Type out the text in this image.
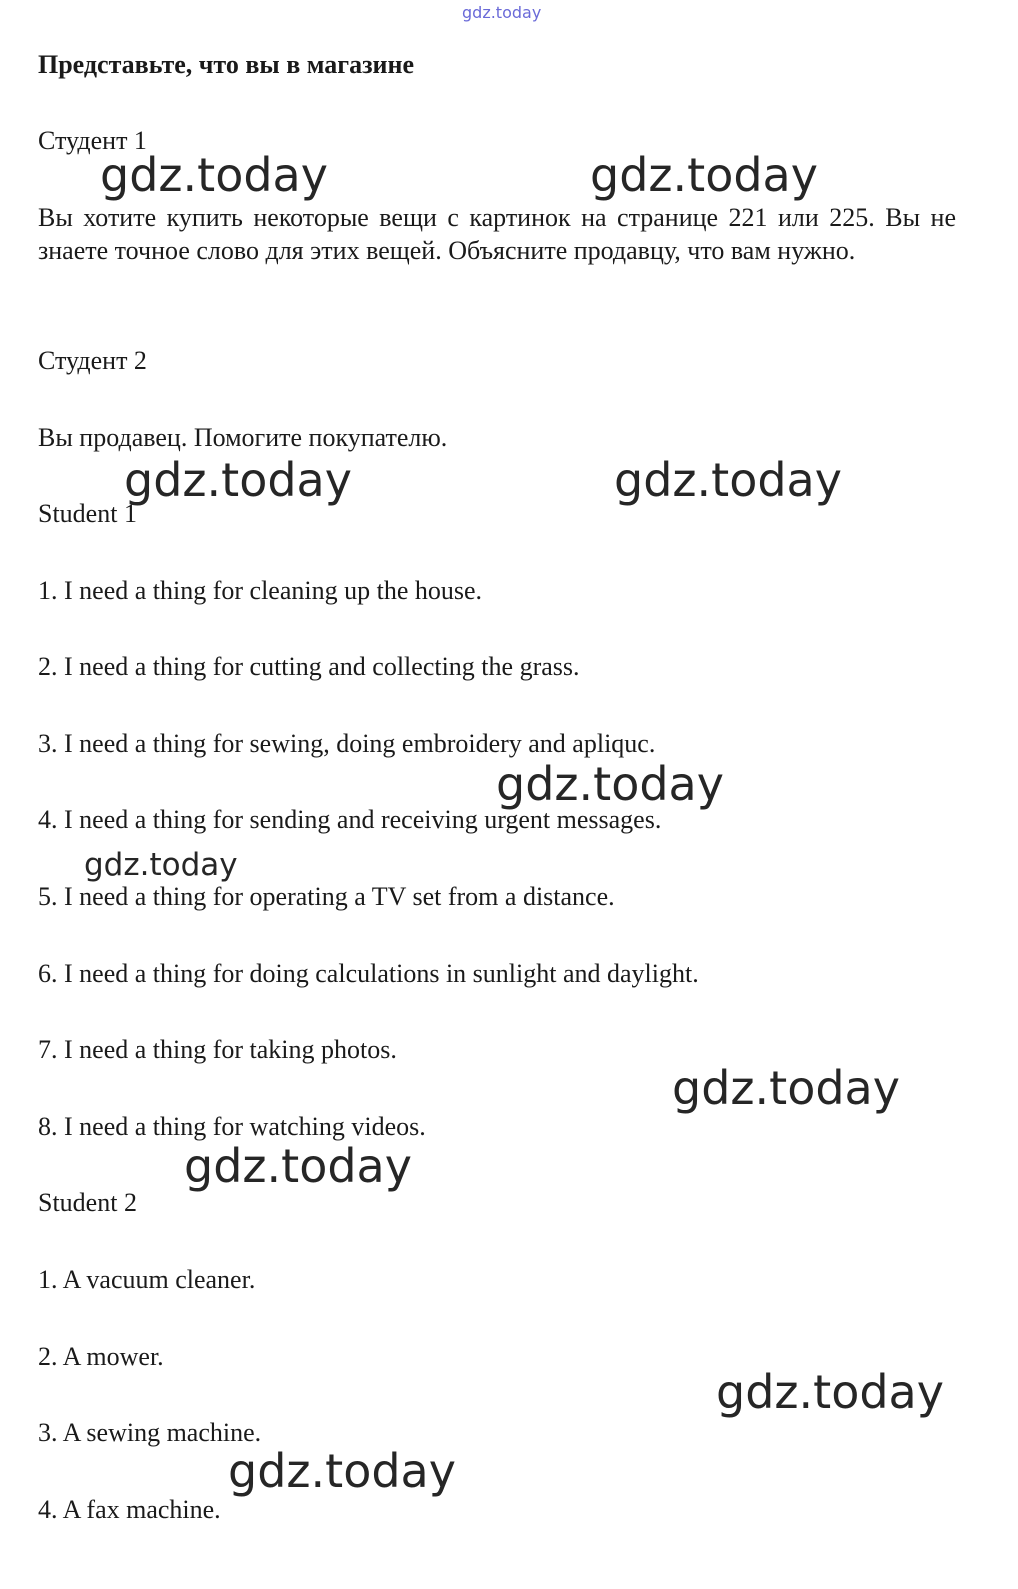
gdz.today
Представьте, что вы в магазине
Студент 1
Вы хотите купить некоторые вещи с картинок на странице 221 или 225. Вы не знаете точное слово для этих вещей. Объясните продавцу, что вам нужно.
Студент 2
Вы продавец. Помогите покупателю.
Student 1
1. I need a thing for cleaning up the house.
2. I need a thing for cutting and collecting the grass.
3. I need a thing for sewing, doing embroidery and apliquc.
4. I need a thing for sending and receiving urgent messages.
5. I need a thing for operating a TV set from a distance.
6. I need a thing for doing calculations in sunlight and daylight.
7. I need a thing for taking photos.
8. I need a thing for watching videos.
Student 2
1. A vacuum cleaner.
2. A mower.
3. A sewing machine.
4. A fax machine.
gdz.today	gdz.today
gdz.today	gdz.today
gdz.today
gdz.today
gdz.today
gdz.today
gdz.today
gdz.today
